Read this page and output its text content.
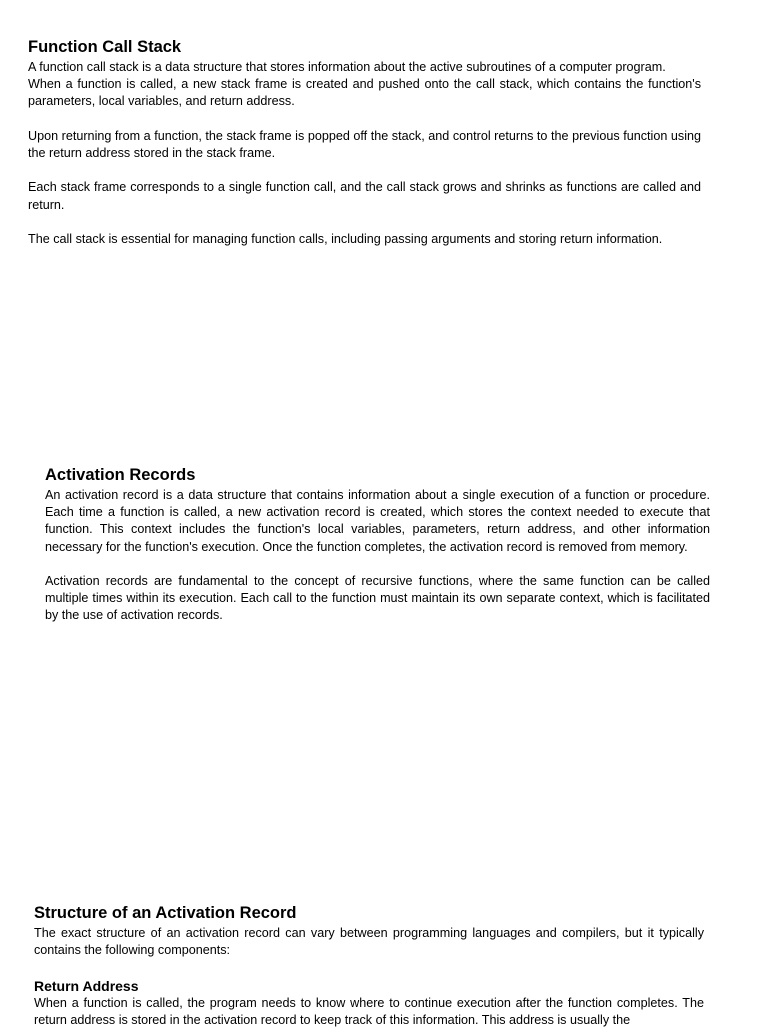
Function Call Stack

A function call stack is a data structure that stores information about the active subroutines of a computer program.

When a function is called, a new stack frame is created and pushed onto the call stack, which contains the function's parameters, local variables, and return address.

Upon returning from a function, the stack frame is popped off the stack, and control returns to the previous function using the return address stored in the stack frame.

Each stack frame corresponds to a single function call, and the call stack grows and shrinks as functions are called and return.

The call stack is essential for managing function calls, including passing arguments and storing return information.

Activation Records

An activation record is a data structure that contains information about a single execution of a function or procedure. Each time a function is called, a new activation record is created, which stores the context needed to execute that function. This context includes the function's local variables, parameters, return address, and other information necessary for the function's execution. Once the function completes, the activation record is removed from memory.

Activation records are fundamental to the concept of recursive functions, where the same function can be called multiple times within its execution. Each call to the function must maintain its own separate context, which is facilitated by the use of activation records.

Structure of an Activation Record

The exact structure of an activation record can vary between programming languages and compilers, but it typically contains the following components:

Return Address

When a function is called, the program needs to know where to continue execution after the function completes. The return address is stored in the activation record to keep track of this information. This address is usually the
